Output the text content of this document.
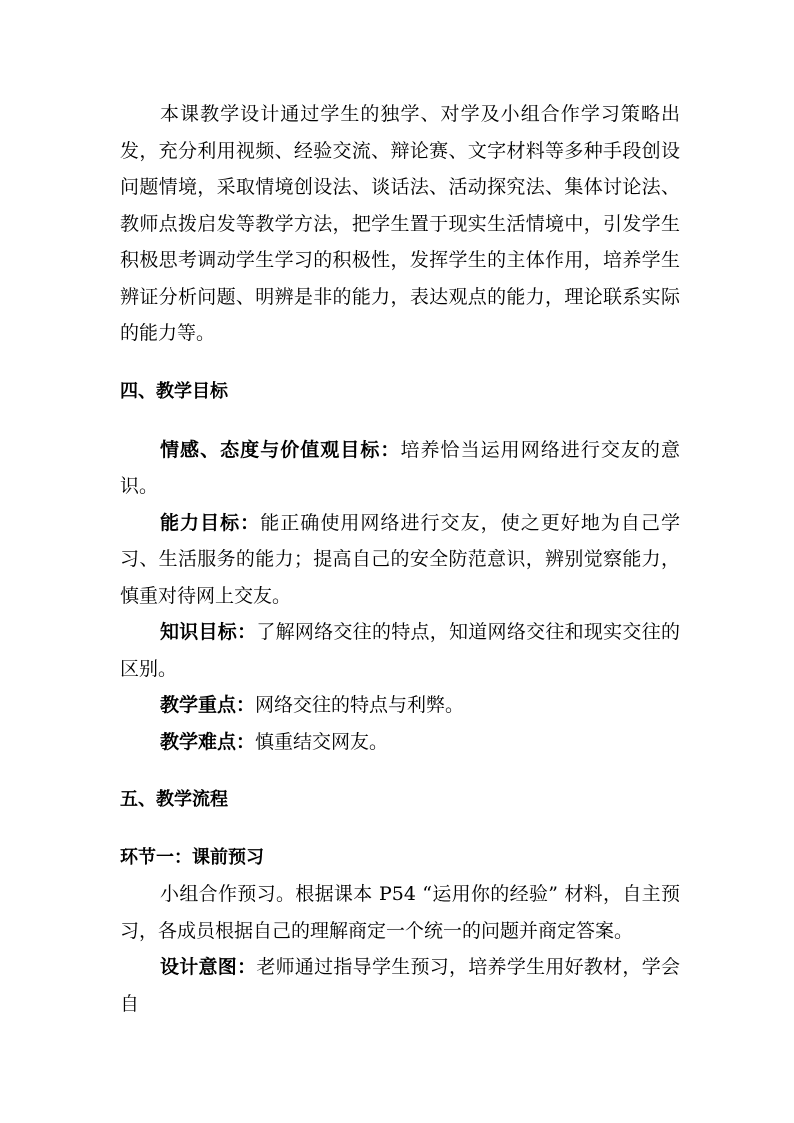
本课教学设计通过学生的独学、对学及小组合作学习策略出发，充分利用视频、经验交流、辩论赛、文字材料等多种手段创设问题情境，采取情境创设法、谈话法、活动探究法、集体讨论法、教师点拨启发等教学方法，把学生置于现实生活情境中，引发学生积极思考调动学生学习的积极性，发挥学生的主体作用，培养学生辨证分析问题、明辨是非的能力，表达观点的能力，理论联系实际的能力等。

四、教学目标

情感、态度与价值观目标：培养恰当运用网络进行交友的意识。

能力目标：能正确使用网络进行交友，使之更好地为自己学习、生活服务的能力；提高自己的安全防范意识，辨别觉察能力，慎重对待网上交友。

知识目标：了解网络交往的特点，知道网络交往和现实交往的区别。

教学重点：网络交往的特点与利弊。

教学难点：慎重结交网友。

五、教学流程

环节一：课前预习

小组合作预习。根据课本 P54 “运用你的经验” 材料，自主预习，各成员根据自己的理解商定一个统一的问题并商定答案。

设计意图：老师通过指导学生预习，培养学生用好教材，学会自
